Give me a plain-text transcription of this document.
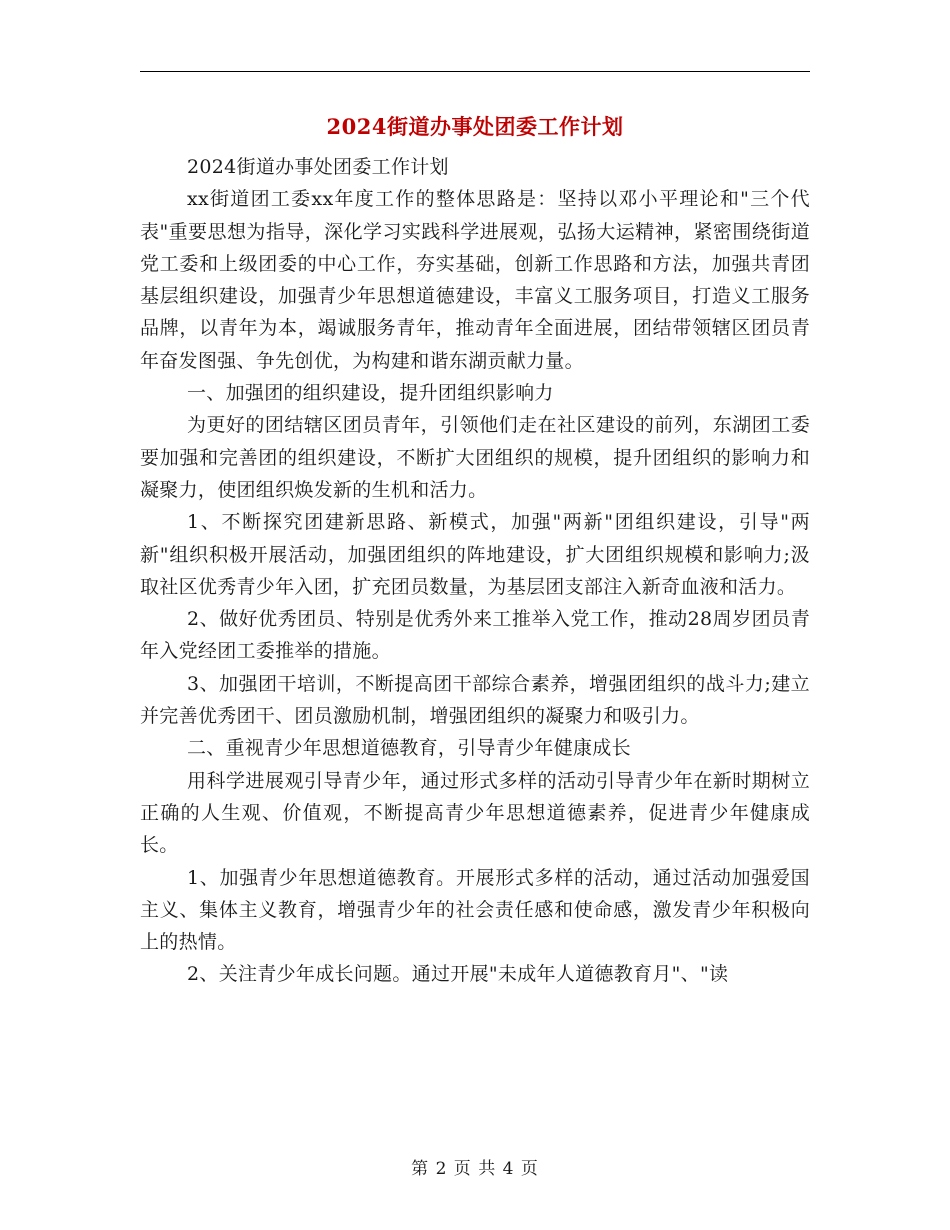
2024街道办事处团委工作计划

2024街道办事处团委工作计划

xx街道团工委xx年度工作的整体思路是：坚持以邓小平理论和"三个代表"重要思想为指导，深化学习实践科学进展观，弘扬大运精神，紧密围绕街道党工委和上级团委的中心工作，夯实基础，创新工作思路和方法，加强共青团基层组织建设，加强青少年思想道德建设，丰富义工服务项目，打造义工服务品牌，以青年为本，竭诚服务青年，推动青年全面进展，团结带领辖区团员青年奋发图强、争先创优，为构建和谐东湖贡献力量。

一、加强团的组织建设，提升团组织影响力

为更好的团结辖区团员青年，引领他们走在社区建设的前列，东湖团工委要加强和完善团的组织建设，不断扩大团组织的规模，提升团组织的影响力和凝聚力，使团组织焕发新的生机和活力。

1、不断探究团建新思路、新模式，加强"两新"团组织建设，引导"两新"组织积极开展活动，加强团组织的阵地建设，扩大团组织规模和影响力;汲取社区优秀青少年入团，扩充团员数量，为基层团支部注入新奇血液和活力。

2、做好优秀团员、特别是优秀外来工推举入党工作，推动28周岁团员青年入党经团工委推举的措施。

3、加强团干培训，不断提高团干部综合素养，增强团组织的战斗力;建立并完善优秀团干、团员激励机制，增强团组织的凝聚力和吸引力。

二、重视青少年思想道德教育，引导青少年健康成长

用科学进展观引导青少年，通过形式多样的活动引导青少年在新时期树立正确的人生观、价值观，不断提高青少年思想道德素养，促进青少年健康成长。

1、加强青少年思想道德教育。开展形式多样的活动，通过活动加强爱国主义、集体主义教育，增强青少年的社会责任感和使命感，激发青少年积极向上的热情。

2、关注青少年成长问题。通过开展"未成年人道德教育月"、"读

第 2 页 共 4 页
